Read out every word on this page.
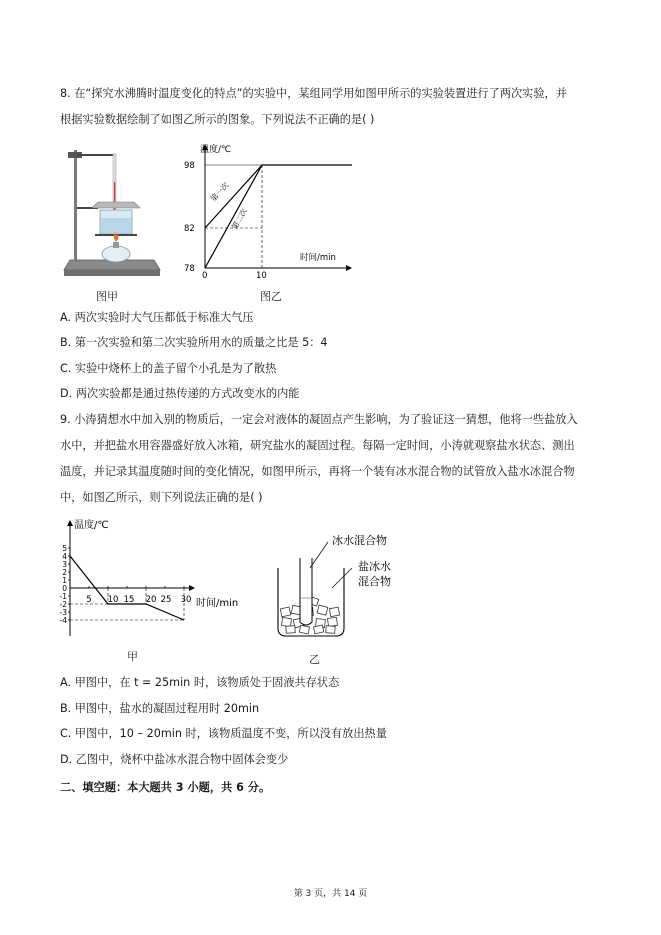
8. 在“探究水沸腾时温度变化的特点”的实验中，某组同学用如图甲所示的实验装置进行了两次实验，并
根据实验数据绘制了如图乙所示的图象。下列说法不正确的是( )
图甲
温度/℃
时间/min
98
82
78
0	10
第一次
第二次
图乙
A. 两次实验时大气压都低于标准大气压
B. 第一次实验和第二次实验所用水的质量之比是 5：4
C. 实验中烧杯上的盖子留个小孔是为了散热
D. 两次实验都是通过热传递的方式改变水的内能
9. 小涛猜想水中加入别的物质后，一定会对液体的凝固点产生影响，为了验证这一猜想，他将一些盐放入
水中，并把盐水用容器盛好放入冰箱，研究盐水的凝固过程。每隔一定时间，小涛就观察盐水状态、测出
温度，并记录其温度随时间的变化情况，如图甲所示，再将一个装有冰水混合物的试管放入盐水冰混合物
中，如图乙所示，则下列说法正确的是( )
温度/℃
时间/min
5
4
3
2
1
0
-1
-2
-3
-4
5 10 15 20 25 30
甲
冰水混合物
盐冰水
混合物
乙
A. 甲图中，在 t = 25min 时，该物质处于固液共存状态
B. 甲图中，盐水的凝固过程用时 20min
C. 甲图中，10 – 20min 时，该物质温度不变，所以没有放出热量
D. 乙图中，烧杯中盐冰水混合物中固体会变少
二、填空题：本大题共 3 小题，共 6 分。
第 3 页，共 14 页
